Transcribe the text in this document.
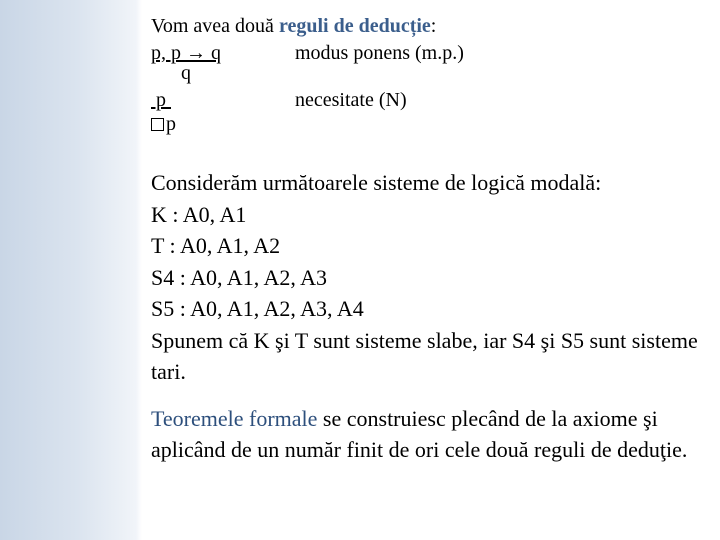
Vom avea două reguli de deducție:
p, p → q	modus ponens (m.p.)
q
p	necesitate (N)
p
Considerăm următoarele sisteme de logică modală:
K : A0, A1
T : A0, A1, A2
S4 : A0, A1, A2, A3
S5 : A0, A1, A2, A3, A4
Spunem că K şi T sunt sisteme slabe, iar S4 şi S5 sunt sisteme tari.
Teoremele formale se construiesc plecând de la axiome şi aplicând de un număr finit de ori cele două reguli de deduţie.
